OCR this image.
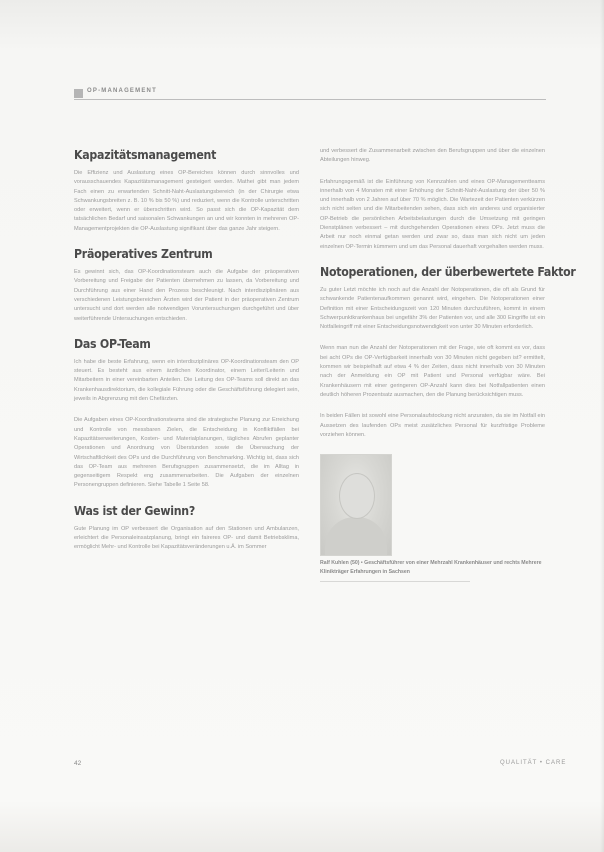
OP-MANAGEMENT
Kapazitätsmanagement

Die Effizienz und Auslastung eines OP-Bereiches können durch sinnvolles und vorausschauendes Kapazitätsmanagement gesteigert werden. Mathei gibt man jedem Fach einen zu erwartenden Schnitt-Naht-Auslastungsbereich (in der Chirurgie etwa Schwankungsbreiten z. B. 10 % bis 50 %) und reduziert, wenn die Kontrolle unterschritten oder erweitert, wenn er überschritten wird. So passt sich die OP-Kapazität dem tatsächlichen Bedarf und saisonalen Schwankungen an und wir konnten in mehreren OP-Managementprojekten die OP-Auslastung signifikant über das ganze Jahr steigern.

Präoperatives Zentrum

Es gewinnt sich, das OP-Koordinationsteam auch die Aufgabe der präoperativen Vorbereitung und Freigabe der Patienten übernehmen zu lassen, da Vorbereitung und Durchführung aus einer Hand den Prozess beschleunigt. Nach interdisziplinären aus verschiedenen Leistungsbereichen Ärzten wird der Patient in der präoperativen Zentrum untersucht und dort werden alle notwendigen Voruntersuchungen durchgeführt und über weiterführende Untersuchungen entschieden.

Das OP-Team

Ich habe die beste Erfahrung, wenn ein interdisziplinäres OP-Koordinationsteam den OP steuert. Es besteht aus einem ärztlichen Koordinator, einem Leiter/Leiterin und Mitarbeitern in einer vereinbarten Anteilen. Die Leitung des OP-Teams soll direkt an das Krankenhausdirektorium, die kollegiale Führung oder die Geschäftsführung delegiert sein, jeweils in Abgrenzung mit den Chefärzten.

Die Aufgaben eines OP-Koordinationsteams sind die strategische Planung zur Erreichung und Kontrolle von messbaren Zielen, die Entscheidung in Konfliktfällen bei Kapazitätserweiterungen, Kosten- und Materialplanungen, tägliches Abrufen geplanter Operationen und Anordnung von Überstunden sowie die Überwachung der Wirtschaftlichkeit des OPs und die Durchführung von Benchmarking. Wichtig ist, dass sich das OP-Team aus mehreren Berufsgruppen zusammensetzt, die im Alltag in gegenseitigem Respekt eng zusammenarbeiten. Die Aufgaben der einzelnen Personengruppen definieren. Siehe Tabelle 1 Seite 58.

Was ist der Gewinn?

Gute Planung im OP verbessert die Organisation auf den Stationen und Ambulanzen, erleichtert die Personaleinsatzplanung, bringt ein faireres OP- und damit Betriebsklima, ermöglicht Mehr- und Kontrolle bei Kapazitätsveränderungen u.Ä. im Sommer

und verbessert die Zusammenarbeit zwischen den Berufsgruppen und über die einzelnen Abteilungen hinweg.

Erfahrungsgemäß ist die Einführung von Kennzahlen und eines OP-Managementteams innerhalb von 4 Monaten mit einer Erhöhung der Schnitt-Naht-Auslastung der über 50 % und innerhalb von 2 Jahren auf über 70 % möglich. Die Wartezeit der Patienten verkürzen sich nicht selten und die Mitarbeitenden sehen, dass sich ein anderes und organisierter OP-Betrieb die persönlichen Arbeitsbelastungen durch die Umsetzung mit geringen Dienstplänen verbessert – mit durchgehenden Operationen eines OPs. Jetzt muss die Arbeit nur noch einmal getan werden und zwar so, dass man sich nicht um jeden einzelnen OP-Termin kümmern und um das Personal dauerhaft vorgehalten werden muss.

Notoperationen, der überbewertete Faktor

Zu guter Letzt möchte ich noch auf die Anzahl der Notoperationen, die oft als Grund für schwankende Patientenaufkommen genannt wird, eingehen. Die Notoperationen einer Definition mit einer Entscheidungszeit von 120 Minuten durchzuführen, kommt in einem Schwerpunktkrankenhaus bei ungefähr 3% der Patienten vor, und alle 300 Eingriffe ist ein Notfalleingriff mit einer Entscheidungsnotwendigkeit von unter 30 Minuten erforderlich.

Wenn man nun die Anzahl der Notoperationen mit der Frage, wie oft kommt es vor, dass bei acht OPs die OP-Verfügbarkeit innerhalb von 30 Minuten nicht gegeben ist? ermittelt, kommen wir beispielhaft auf etwa 4 % der Zeiten, dass nicht innerhalb von 30 Minuten nach der Anmeldung ein OP mit Patient und Personal verfügbar wäre. Bei Krankenhäusern mit einer geringeren OP-Anzahl kann dies bei Notfallpatienten einen deutlich höheren Prozentsatz ausmachen, den die Planung berücksichtigen muss.

In beiden Fällen ist sowohl eine Personalaufstockung nicht anzuraten, da sie im Notfall ein Aussetzen des laufenden OPs meist zusätzliches Personal für kurzfristige Probleme vorziehen können.

Ralf Kuhlen (50) • Geschäftsführer von einer Mehrzahl Krankenhäuser und rechts Mehrere Klinikträger Erfahrungen in Sachsen
42	QUALITÄT • CARE
